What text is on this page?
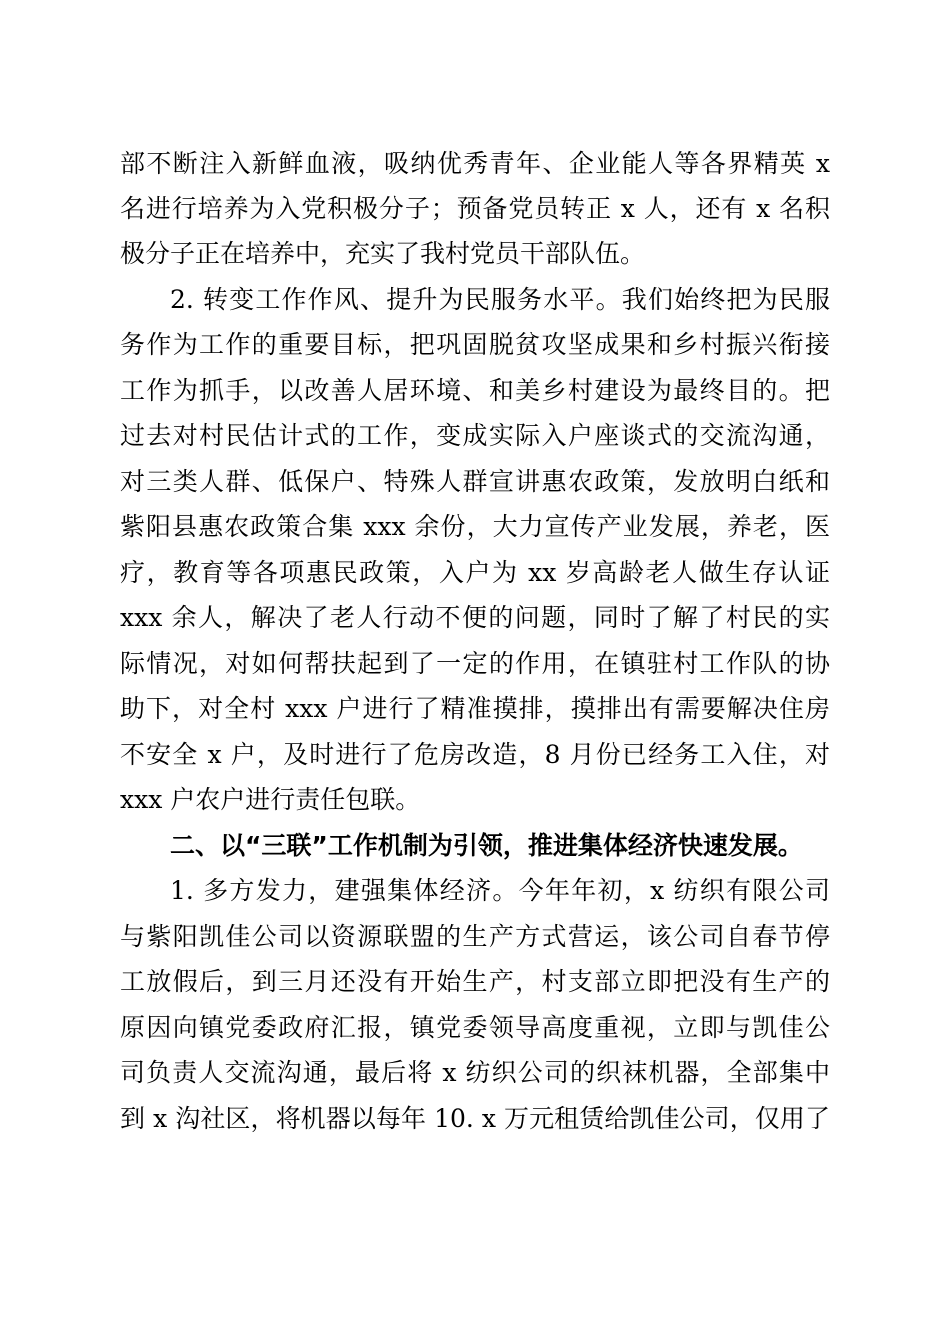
部不断注入新鲜血液，吸纳优秀青年、企业能人等各界精英 x
名进行培养为入党积极分子；预备党员转正 x 人，还有 x 名积
极分子正在培养中，充实了我村党员干部队伍。
2. 转变工作作风、提升为民服务水平。我们始终把为民服
务作为工作的重要目标，把巩固脱贫攻坚成果和乡村振兴衔接
工作为抓手，以改善人居环境、和美乡村建设为最终目的。把
过去对村民估计式的工作，变成实际入户座谈式的交流沟通，
对三类人群、低保户、特殊人群宣讲惠农政策，发放明白纸和
紫阳县惠农政策合集 xxx 余份，大力宣传产业发展，养老，医
疗，教育等各项惠民政策，入户为 xx 岁高龄老人做生存认证
xxx 余人，解决了老人行动不便的问题，同时了解了村民的实
际情况，对如何帮扶起到了一定的作用，在镇驻村工作队的协
助下，对全村 xxx 户进行了精准摸排，摸排出有需要解决住房
不安全 x 户，及时进行了危房改造，8 月份已经务工入住，对
xxx 户农户进行责任包联。
二、以“三联”工作机制为引领，推进集体经济快速发展。
1. 多方发力，建强集体经济。今年年初，x 纺织有限公司
与紫阳凯佳公司以资源联盟的生产方式营运，该公司自春节停
工放假后，到三月还没有开始生产，村支部立即把没有生产的
原因向镇党委政府汇报，镇党委领导高度重视，立即与凯佳公
司负责人交流沟通，最后将 x 纺织公司的织袜机器，全部集中
到 x 沟社区，将机器以每年 10. x 万元租赁给凯佳公司，仅用了
